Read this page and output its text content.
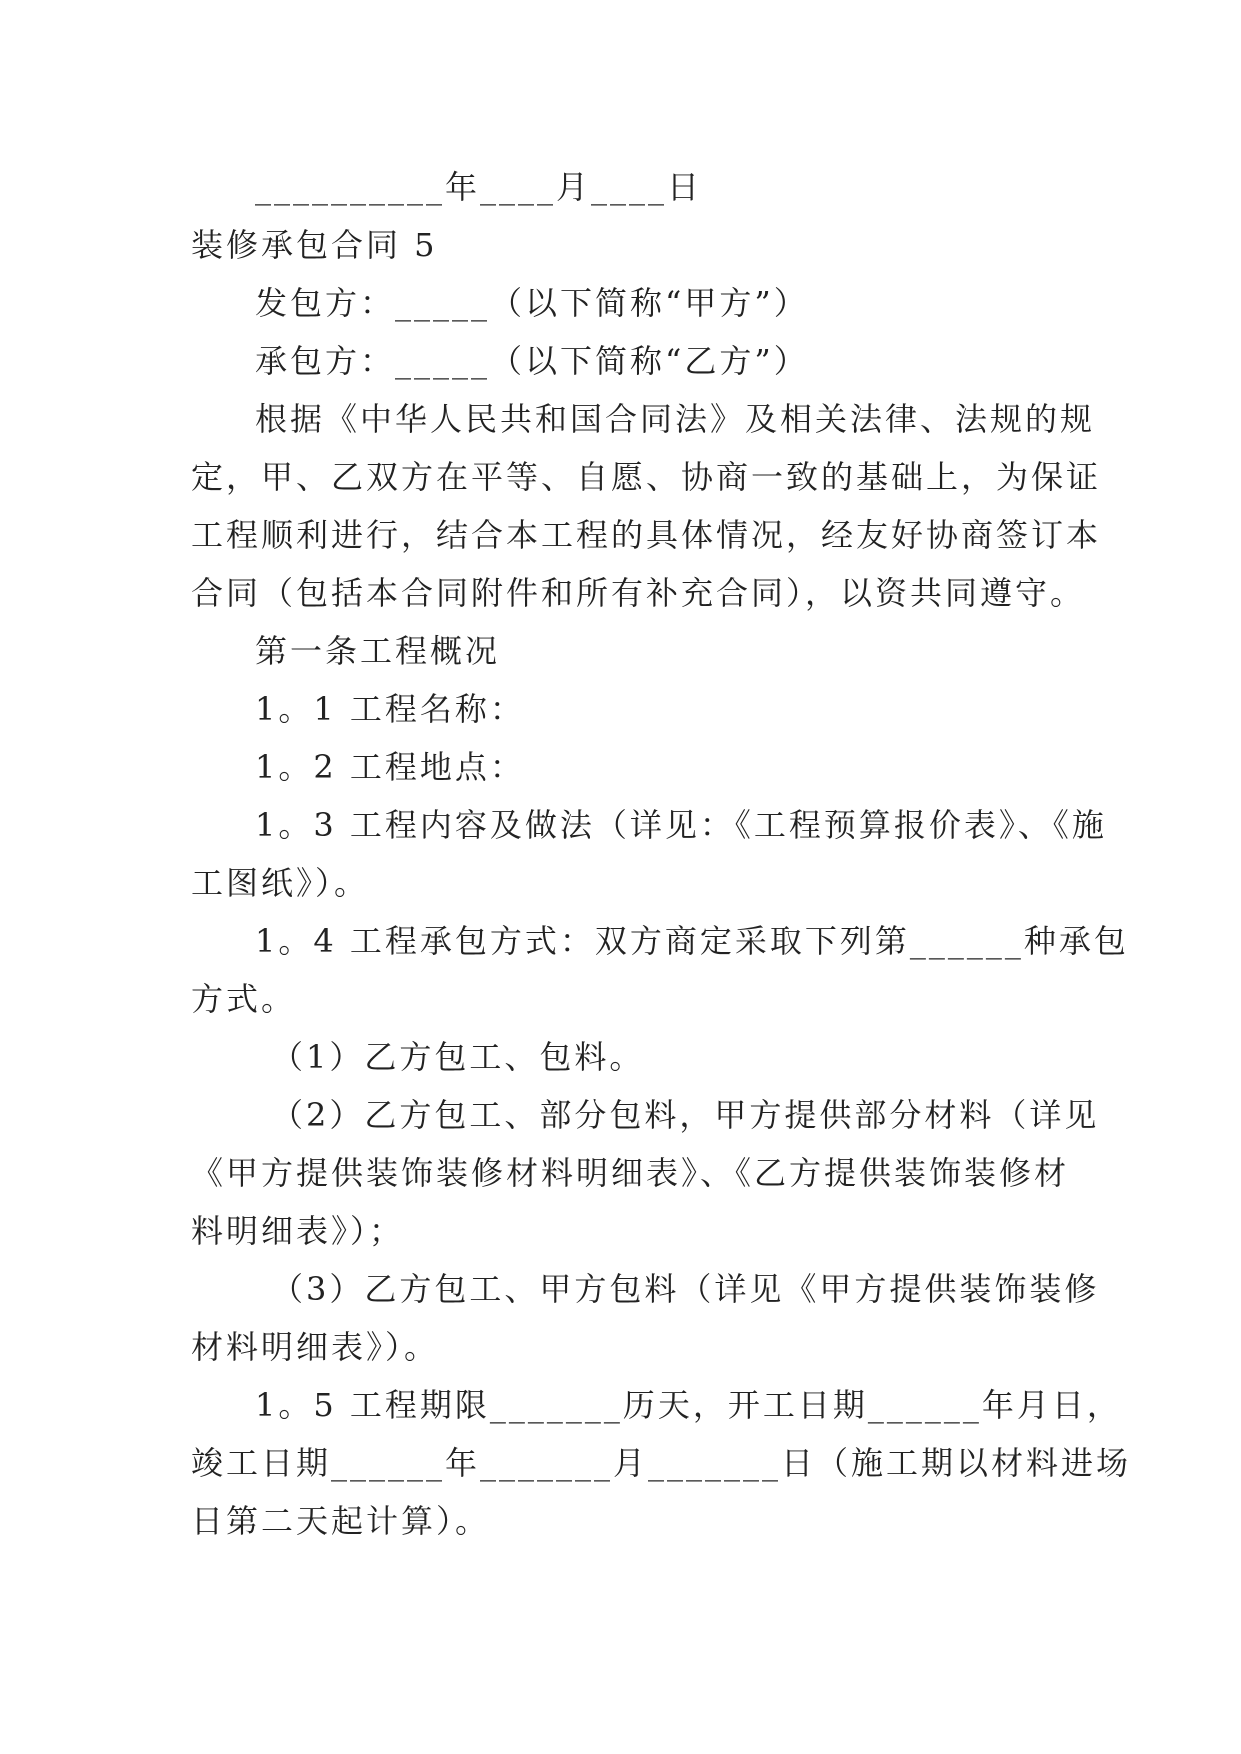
__________年____月____日
装修承包合同 5
发包方：_____（以下简称“甲方”）
承包方：_____（以下简称“乙方”）
根据《中华人民共和国合同法》及相关法律、法规的规
定，甲、乙双方在平等、自愿、协商一致的基础上，为保证
工程顺利进行，结合本工程的具体情况，经友好协商签订本
合同（包括本合同附件和所有补充合同），以资共同遵守。
第一条工程概况
1。1 工程名称：
1。2 工程地点：
1。3 工程内容及做法（详见：《工程预算报价表》、《施
工图纸》）。
1。4 工程承包方式：双方商定采取下列第______种承包
方式。
（1）乙方包工、包料。
（2）乙方包工、部分包料，甲方提供部分材料（详见
《甲方提供装饰装修材料明细表》、《乙方提供装饰装修材
料明细表》）；
（3）乙方包工、甲方包料（详见《甲方提供装饰装修
材料明细表》）。
1。5 工程期限_______历天，开工日期______年月日，
竣工日期______年_______月_______日（施工期以材料进场
日第二天起计算）。
